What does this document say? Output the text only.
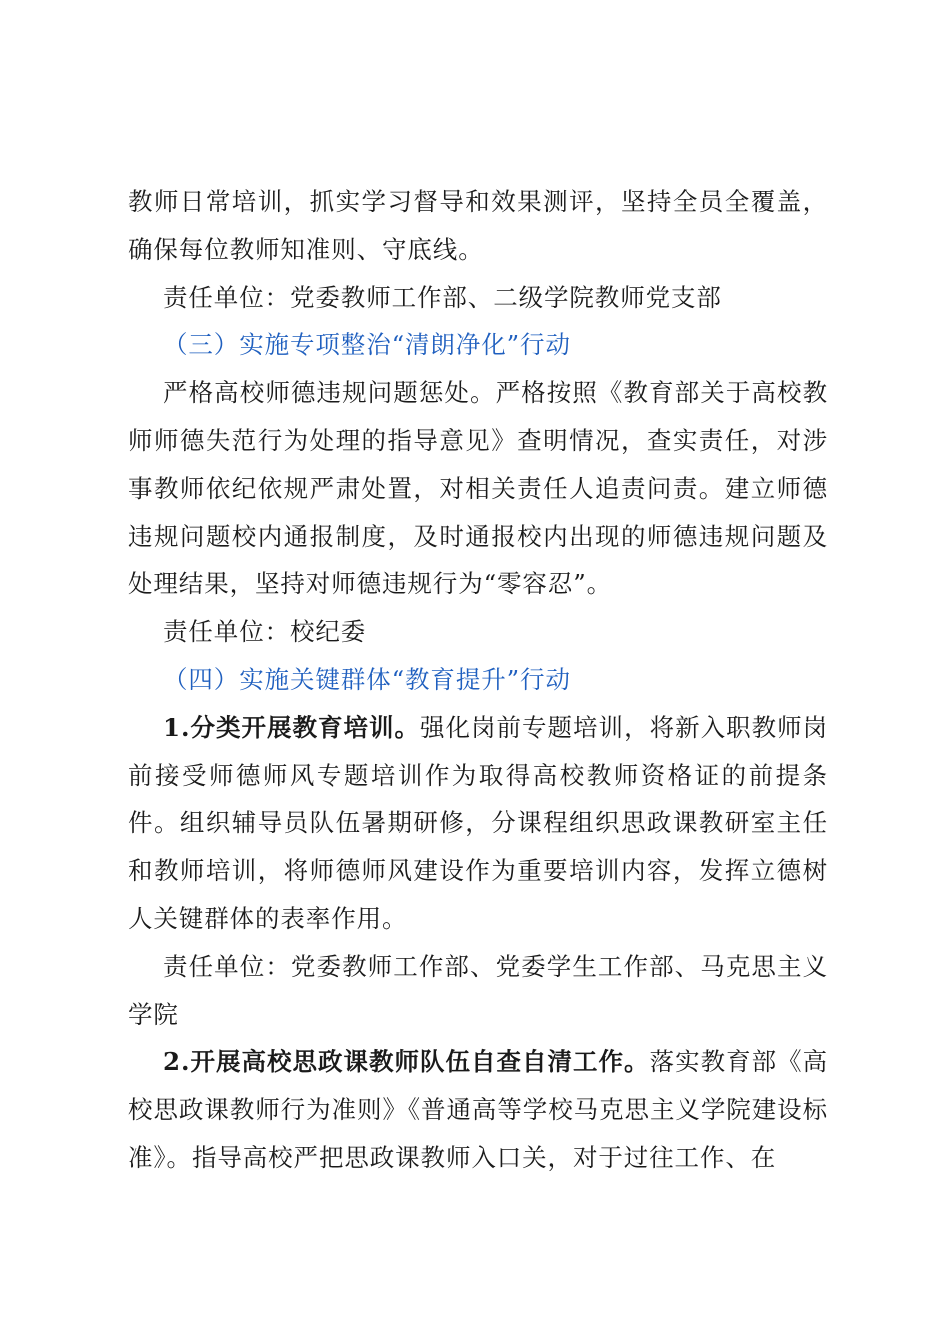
教师日常培训，抓实学习督导和效果测评，坚持全员全覆盖，确保每位教师知准则、守底线。

责任单位：党委教师工作部、二级学院教师党支部

（三）实施专项整治“清朗净化”行动

严格高校师德违规问题惩处。严格按照《教育部关于高校教师师德失范行为处理的指导意见》查明情况，查实责任，对涉事教师依纪依规严肃处置，对相关责任人追责问责。建立师德违规问题校内通报制度，及时通报校内出现的师德违规问题及处理结果，坚持对师德违规行为“零容忍”。

责任单位：校纪委

（四）实施关键群体“教育提升”行动

1.分类开展教育培训。强化岗前专题培训，将新入职教师岗前接受师德师风专题培训作为取得高校教师资格证的前提条件。组织辅导员队伍暑期研修，分课程组织思政课教研室主任和教师培训，将师德师风建设作为重要培训内容，发挥立德树人关键群体的表率作用。

责任单位：党委教师工作部、党委学生工作部、马克思主义学院

2.开展高校思政课教师队伍自查自清工作。落实教育部《高校思政课教师行为准则》《普通高等学校马克思主义学院建设标准》。指导高校严把思政课教师入口关，对于过往工作、在
